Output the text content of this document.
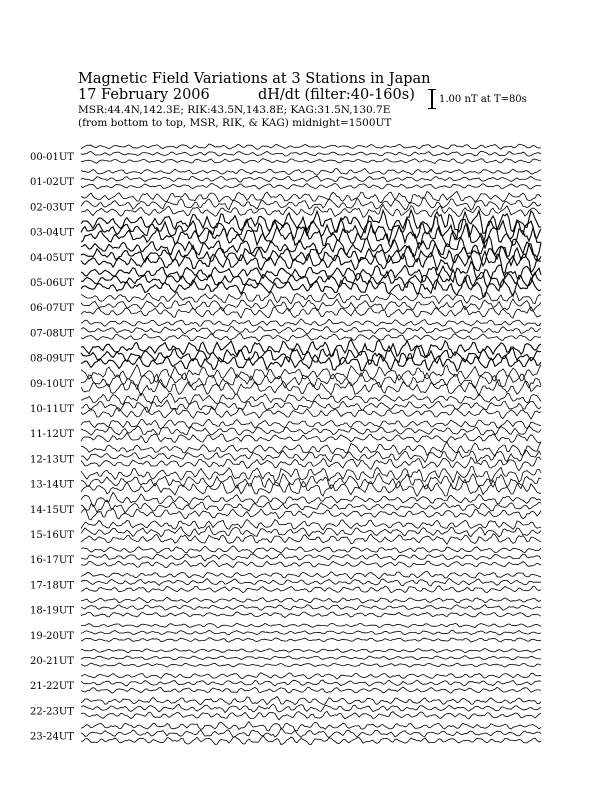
Magnetic Field Variations at 3 Stations in Japan
17 February 2006	dH/dt (filter:40-160s)
MSR:44.4N,142.3E; RIK:43.5N,143.8E; KAG:31.5N,130.7E
(from bottom to top, MSR, RIK, & KAG) midnight=1500UT
1.00 nT at T=80s
00-01UT
01-02UT
02-03UT
03-04UT
04-05UT
05-06UT
06-07UT
07-08UT
08-09UT
09-10UT
10-11UT
11-12UT
12-13UT
13-14UT
14-15UT
15-16UT
16-17UT
17-18UT
18-19UT
19-20UT
20-21UT
21-22UT
22-23UT
23-24UT
